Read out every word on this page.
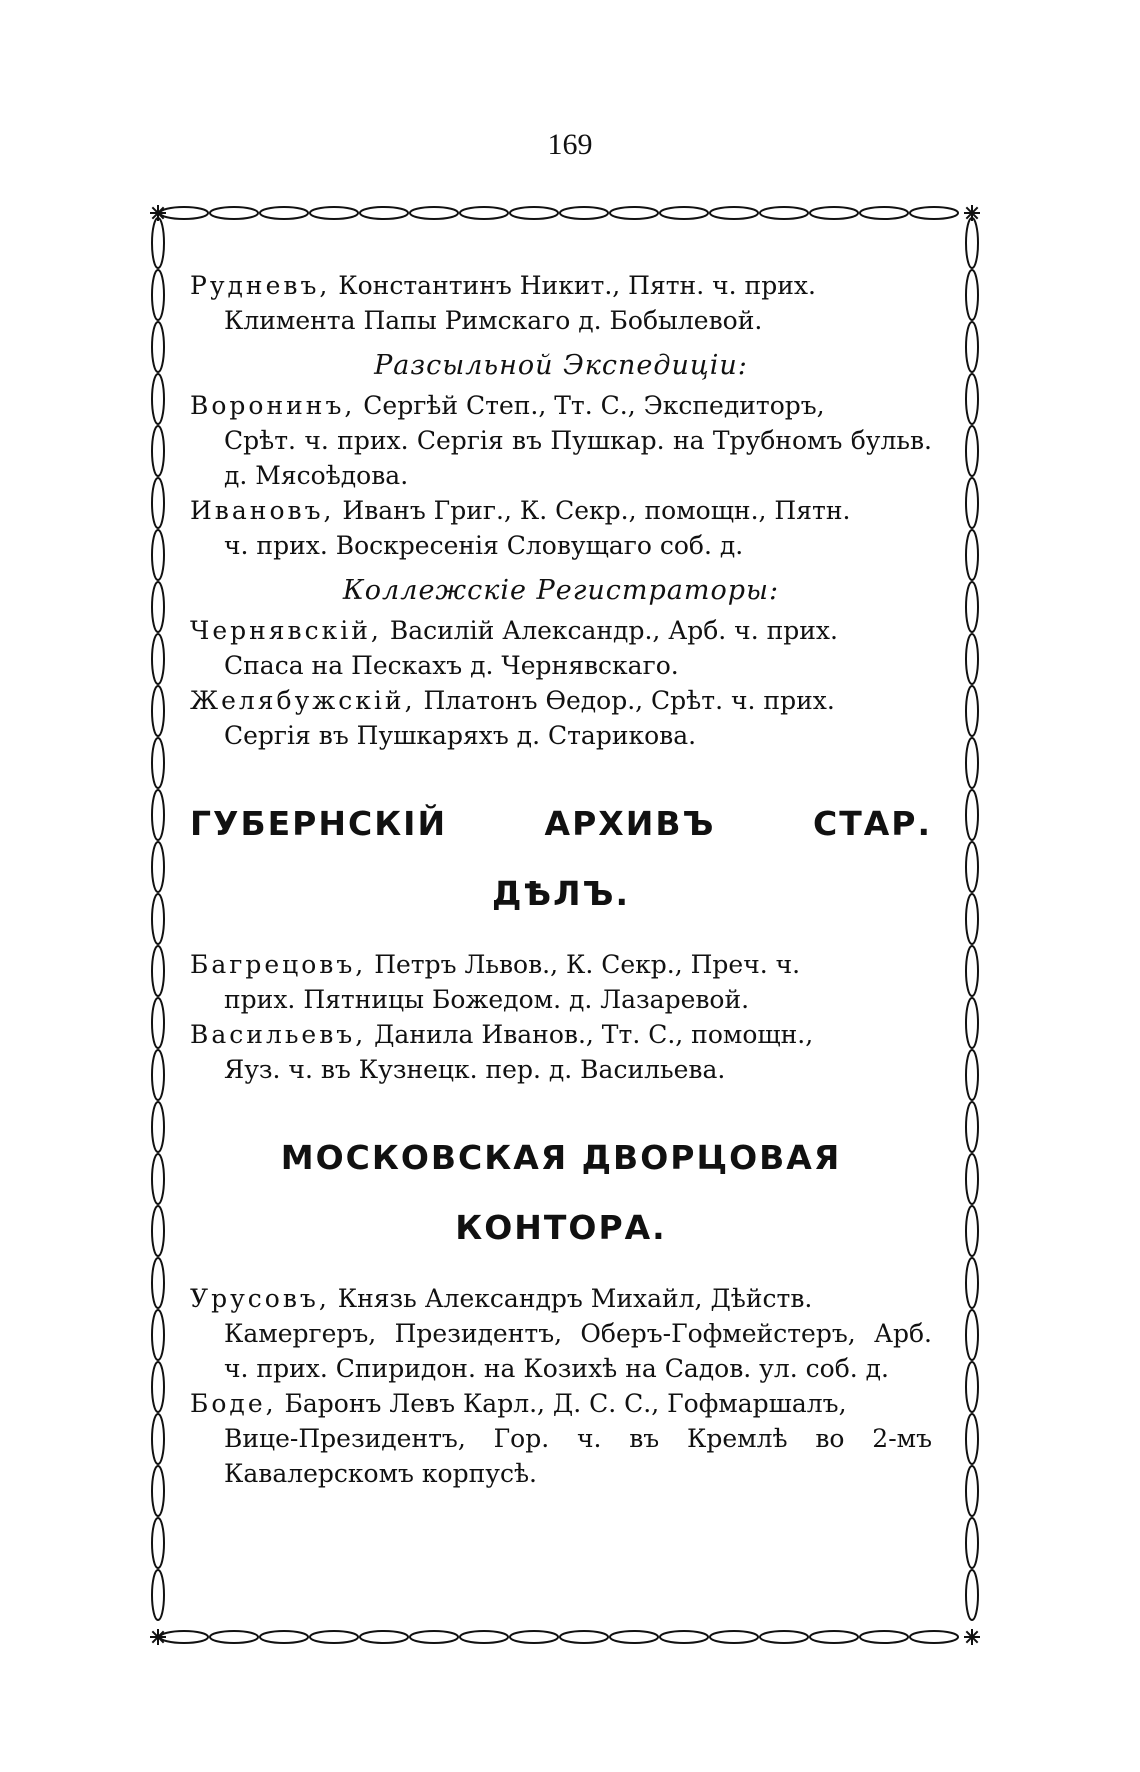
169

Рудневъ, Константинъ Никит., Пятн. ч. прих.
Климента Папы Римскаго д. Бобылевой.

Разсыльной Экспедиціи:

Воронинъ, Сергѣй Степ., Тт. С., Экспедиторъ,
Срѣт. ч. прих. Сергія въ Пушкар. на Трубномъ бульв. д. Мясоѣдова.

Ивановъ, Иванъ Григ., К. Секр., помощн., Пятн.
ч. прих. Воскресенія Словущаго соб. д.

Коллежскіе Регистраторы:

Чернявскій, Василій Александр., Арб. ч. прих.
Спаса на Пескахъ д. Чернявскаго.

Желябужскій, Платонъ Ѳедор., Срѣт. ч. прих.
Сергія въ Пушкаряхъ д. Старикова.

ГУБЕРНСКІЙ	АРХИВЪ	СТАР.
ДѢЛЪ.

Багрецовъ, Петръ Львов., К. Секр., Преч. ч.
прих. Пятницы Божедом. д. Лазаревой.

Васильевъ, Данила Иванов., Тт. С., помощн.,
Яуз. ч. въ Кузнецк. пер. д. Васильева.

МОСКОВСКАЯ ДВОРЦОВАЯ
КОНТОРА.

Урусовъ, Князь Александръ Михайл, Дѣйств.
Камергеръ, Президентъ, Оберъ-Гофмейстеръ, Арб. ч. прих. Спиридон. на Козихѣ на Садов. ул. соб. д.

Боде, Баронъ Левъ Карл., Д. С. С., Гофмаршалъ,
Вице-Президентъ, Гор. ч. въ Кремлѣ во 2-мъ Кавалерскомъ корпусѣ.
